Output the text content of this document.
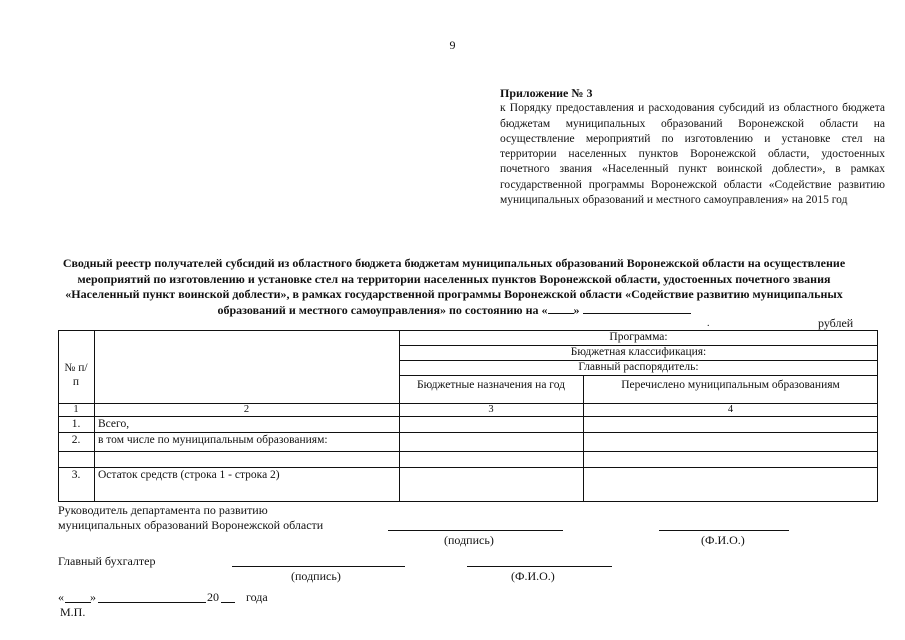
9
Приложение № 3
к Порядку предоставления и расходования субсидий из областного бюджета бюджетам муниципальных образований Воронежской области на осуществление мероприятий по изготовлению и установке стел на территории населенных пунктов Воронежской области, удостоенных почетного звания «Населенный пункт воинской доблести», в рамках государственной программы Воронежской области «Содействие развитию муниципальных образований и местного самоуправления» на 2015 год
Сводный реестр получателей субсидий из областного бюджета бюджетам муниципальных образований Воронежской области на осуществление мероприятий по изготовлению и установке стел на территории населенных пунктов Воронежской области, удостоенных почетного звания «Населенный пункт воинской доблести», в рамках государственной программы Воронежской области «Содействие развитию муниципальных образований и местного самоуправления» по состоянию на « »
.	рублей
№ п/п
Программа:
Бюджетная классификация:
Главный распорядитель:
Бюджетные назначения на год	Перечислено муниципальным образованиям
1	2	3	4
1.	Всего,
2.	в том числе по муниципальным образованиям:
3.	Остаток средств (строка 1 - строка 2)
Руководитель департамента по развитию
муниципальных образований Воронежской области
(подпись)	(Ф.И.О.)
Главный бухгалтер
(подпись)	(Ф.И.О.)
« »	20 года
М.П.
